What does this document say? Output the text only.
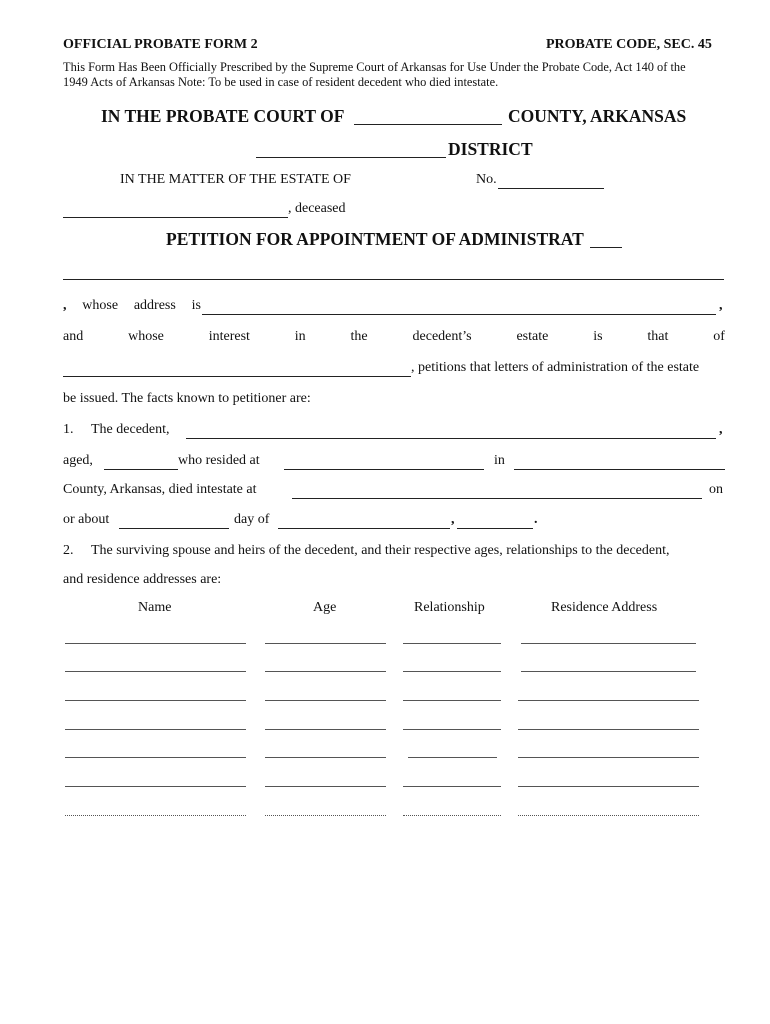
OFFICIAL PROBATE FORM 2	PROBATE CODE, SEC. 45
This Form Has Been Officially Prescribed by the Supreme Court of Arkansas for Use Under the Probate Code, Act 140 of the
1949 Acts of Arkansas Note: To be used in case of resident decedent who died intestate.
IN THE PROBATE COURT OF	COUNTY, ARKANSAS
DISTRICT
IN THE MATTER OF THE ESTATE OF	No.
, deceased
PETITION FOR APPOINTMENT OF ADMINISTRAT
, whose address is	,
and	whose	interest	in	the	decedent’s	estate	is	that	of
, petitions that letters of administration of the estate
be issued. The facts known to petitioner are:
1. The decedent,	,
aged,	who resided at	in
County, Arkansas, died intestate at	on
or about	day of	,	.
2. The surviving spouse and heirs of the decedent, and their respective ages, relationships to the decedent,
and residence addresses are:
Name	Age	Relationship	Residence Address
